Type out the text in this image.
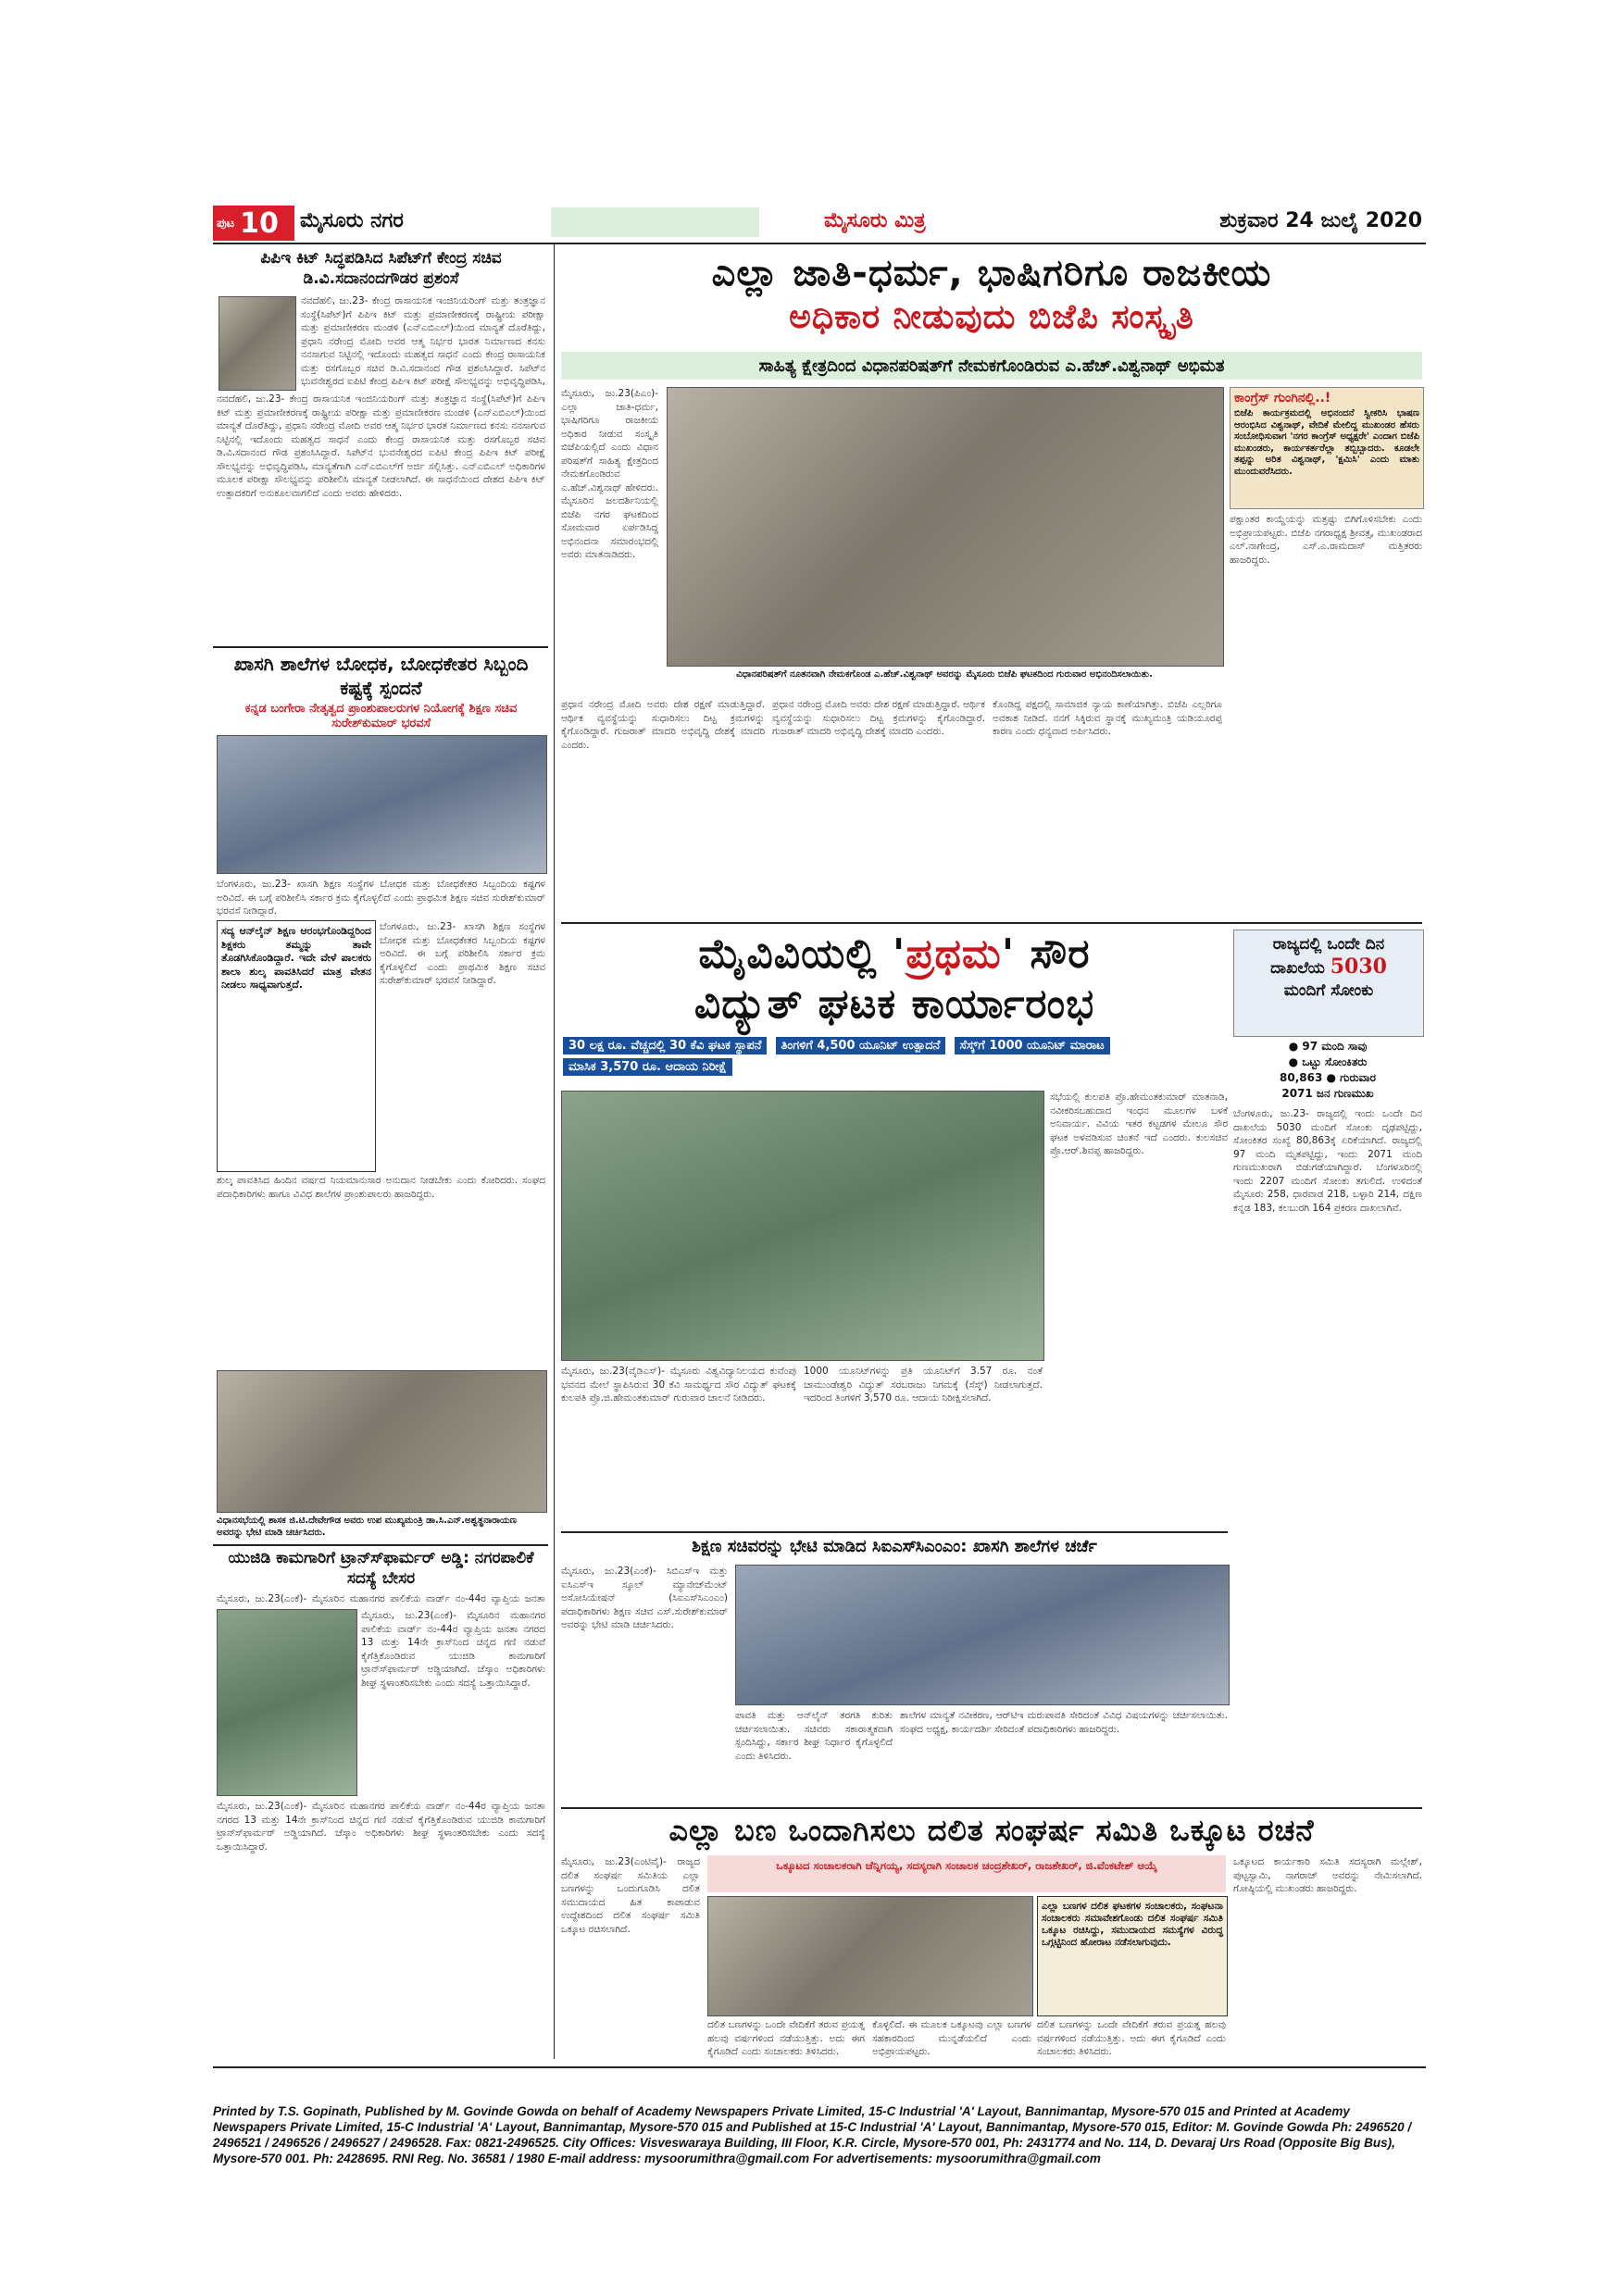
ಪುಟ 10 ಮೈಸೂರು ನಗರ	ಮೈಸೂರು ಮಿತ್ರ	ಶುಕ್ರವಾರ 24 ಜುಲೈ 2020
ಪಿಪಿಇ ಕಿಟ್ ಸಿದ್ಧಪಡಿಸಿದ ಸಿಪೆಟ್‍ಗೆ ಕೇಂದ್ರ ಸಚಿವ ಡಿ.ವಿ.ಸದಾನಂದಗೌಡರ ಪ್ರಶಂಸೆ
ನವದೆಹಲಿ, ಜು.23- ಕೇಂದ್ರ ರಾಸಾಯನಿಕ ಇಂಜಿನಿಯರಿಂಗ್ ಮತ್ತು ತಂತ್ರಜ್ಞಾನ ಸಂಸ್ಥೆ(ಸಿಪೆಟ್)ಗೆ ಪಿಪಿಇ ಕಿಟ್ ಮತ್ತು ಪ್ರಮಾಣೀಕರಣಕ್ಕೆ ರಾಷ್ಟ್ರೀಯ ಪರೀಕ್ಷಾ ಮತ್ತು ಪ್ರಮಾಣೀಕರಣ ಮಂಡಳಿ (ಎನ್‍ಎಬಿಎಲ್)ಯಿಂದ ಮಾನ್ಯತೆ ದೊರೆತಿದ್ದು, ಪ್ರಧಾನಿ ನರೇಂದ್ರ ಮೋದಿ ಅವರ ಆತ್ಮ ನಿರ್ಭರ ಭಾರತ ನಿರ್ಮಾಣದ ಕನಸು ನನಸಾಗುವ ನಿಟ್ಟಿನಲ್ಲಿ ಇದೊಂದು ಮಹತ್ವದ ಸಾಧನೆ ಎಂದು ಕೇಂದ್ರ ರಾಸಾಯನಿಕ ಮತ್ತು ರಸಗೊಬ್ಬರ ಸಚಿವ ಡಿ.ವಿ.ಸದಾನಂದ ಗೌಡ ಪ್ರಶಂಸಿಸಿದ್ದಾರೆ. ಸಿಪೆಟ್‍ನ ಭುವನೇಶ್ವರದ ಐಪಿಟಿ ಕೇಂದ್ರ ಪಿಪಿಇ ಕಿಟ್ ಪರೀಕ್ಷೆ ಸೌಲಭ್ಯವನ್ನು ಅಭಿವೃದ್ಧಿಪಡಿಸಿ,
ನವದೆಹಲಿ, ಜು.23- ಕೇಂದ್ರ ರಾಸಾಯನಿಕ ಇಂಜಿನಿಯರಿಂಗ್ ಮತ್ತು ತಂತ್ರಜ್ಞಾನ ಸಂಸ್ಥೆ(ಸಿಪೆಟ್)ಗೆ ಪಿಪಿಇ ಕಿಟ್ ಮತ್ತು ಪ್ರಮಾಣೀಕರಣಕ್ಕೆ ರಾಷ್ಟ್ರೀಯ ಪರೀಕ್ಷಾ ಮತ್ತು ಪ್ರಮಾಣೀಕರಣ ಮಂಡಳಿ (ಎನ್‍ಎಬಿಎಲ್)ಯಿಂದ ಮಾನ್ಯತೆ ದೊರೆತಿದ್ದು, ಪ್ರಧಾನಿ ನರೇಂದ್ರ ಮೋದಿ ಅವರ ಆತ್ಮ ನಿರ್ಭರ ಭಾರತ ನಿರ್ಮಾಣದ ಕನಸು ನನಸಾಗುವ ನಿಟ್ಟಿನಲ್ಲಿ ಇದೊಂದು ಮಹತ್ವದ ಸಾಧನೆ ಎಂದು ಕೇಂದ್ರ ರಾಸಾಯನಿಕ ಮತ್ತು ರಸಗೊಬ್ಬರ ಸಚಿವ ಡಿ.ವಿ.ಸದಾನಂದ ಗೌಡ ಪ್ರಶಂಸಿಸಿದ್ದಾರೆ. ಸಿಪೆಟ್‍ನ ಭುವನೇಶ್ವರದ ಐಪಿಟಿ ಕೇಂದ್ರ ಪಿಪಿಇ ಕಿಟ್ ಪರೀಕ್ಷೆ ಸೌಲಭ್ಯವನ್ನು ಅಭಿವೃದ್ಧಿಪಡಿಸಿ, ಮಾನ್ಯತೆಗಾಗಿ ಎನ್‍ಎಬಿಎಲ್‍ಗೆ ಅರ್ಜಿ ಸಲ್ಲಿಸಿತ್ತು. ಎನ್‍ಎಬಿಎಲ್ ಅಧಿಕಾರಿಗಳ ಮೂಲಕ ಪರೀಕ್ಷಾ ಸೌಲಭ್ಯವನ್ನು ಪರಿಶೀಲಿಸಿ ಮಾನ್ಯತೆ ನೀಡಲಾಗಿದೆ. ಈ ಸಾಧನೆಯಿಂದ ದೇಶದ ಪಿಪಿಇ ಕಿಟ್ ಉತ್ಪಾದಕರಿಗೆ ಅನುಕೂಲವಾಗಲಿದೆ ಎಂದು ಅವರು ಹೇಳಿದರು.
ಖಾಸಗಿ ಶಾಲೆಗಳ ಬೋಧಕ, ಬೋಧಕೇತರ ಸಿಬ್ಬಂದಿ ಕಷ್ಟಕ್ಕೆ ಸ್ಪಂದನೆ
ಕನ್ನಡ ಬಂಗೇರಾ ನೇತೃತ್ವದ ಪ್ರಾಂಶುಪಾಲರುಗಳ ನಿಯೋಗಕ್ಕೆ ಶಿಕ್ಷಣ ಸಚಿವ ಸುರೇಶ್‍ಕುಮಾರ್ ಭರವಸೆ
ಬೆಂಗಳೂರು, ಜು.23- ಖಾಸಗಿ ಶಿಕ್ಷಣ ಸಂಸ್ಥೆಗಳ ಬೋಧಕ ಮತ್ತು ಬೋಧಕೇತರ ಸಿಬ್ಬಂದಿಯ ಕಷ್ಟಗಳ ಅರಿವಿದೆ. ಈ ಬಗ್ಗೆ ಪರಿಶೀಲಿಸಿ ಸರ್ಕಾರ ಕ್ರಮ ಕೈಗೊಳ್ಳಲಿದೆ ಎಂದು ಪ್ರಾಥಮಿಕ ಶಿಕ್ಷಣ ಸಚಿವ ಸುರೇಶ್‍ಕುಮಾರ್ ಭರವಸೆ ನೀಡಿದ್ದಾರೆ.
ಸದ್ಯ ಆನ್‍ಲೈನ್ ಶಿಕ್ಷಣ ಆರಂಭಗೊಂಡಿದ್ದರಿಂದ ಶಿಕ್ಷಕರು ತಮ್ಮನ್ನು ತಾವೇ ತೊಡಗಿಸಿಕೊಂಡಿದ್ದಾರೆ. ಇದೇ ವೇಳೆ ಪಾಲಕರು ಶಾಲಾ ಶುಲ್ಕ ಪಾವತಿಸಿದರೆ ಮಾತ್ರ ವೇತನ ನೀಡಲು ಸಾಧ್ಯವಾಗುತ್ತದೆ.
ಬೆಂಗಳೂರು, ಜು.23- ಖಾಸಗಿ ಶಿಕ್ಷಣ ಸಂಸ್ಥೆಗಳ ಬೋಧಕ ಮತ್ತು ಬೋಧಕೇತರ ಸಿಬ್ಬಂದಿಯ ಕಷ್ಟಗಳ ಅರಿವಿದೆ. ಈ ಬಗ್ಗೆ ಪರಿಶೀಲಿಸಿ ಸರ್ಕಾರ ಕ್ರಮ ಕೈಗೊಳ್ಳಲಿದೆ ಎಂದು ಪ್ರಾಥಮಿಕ ಶಿಕ್ಷಣ ಸಚಿವ ಸುರೇಶ್‍ಕುಮಾರ್ ಭರವಸೆ ನೀಡಿದ್ದಾರೆ.
ಶುಲ್ಕ ಪಾವತಿಸಿದ ಹಿಂದಿನ ವರ್ಷದ ನಿಯಮಾನುಸಾರ ಅನುದಾನ ನೀಡಬೇಕು ಎಂದು ಕೋರಿದರು. ಸಂಘದ ಪದಾಧಿಕಾರಿಗಳು ಹಾಗೂ ವಿವಿಧ ಶಾಲೆಗಳ ಪ್ರಾಂಶುಪಾಲರು ಹಾಜರಿದ್ದರು.
ವಿಧಾನಸಭೆಯಲ್ಲಿ ಶಾಸಕ ಜಿ.ಟಿ.ದೇವೇಗೌಡ ಅವರು ಉಪ ಮುಖ್ಯಮಂತ್ರಿ ಡಾ.ಸಿ.ಎನ್.ಅಶ್ವತ್ಥನಾರಾಯಣ ಅವರನ್ನು ಭೇಟಿ ಮಾಡಿ ಚರ್ಚಿಸಿದರು.
ಯುಜಿಡಿ ಕಾಮಗಾರಿಗೆ ಟ್ರಾನ್ಸ್‍ಫಾರ್ಮರ್ ಅಡ್ಡಿ: ನಗರಪಾಲಿಕೆ ಸದಸ್ಯೆ ಬೇಸರ
ಮೈಸೂರು, ಜು.23(ಎಂಕೆ)- ಮೈಸೂರಿನ ಮಹಾನಗರ ಪಾಲಿಕೆಯ ವಾರ್ಡ್ ನಂ-44ರ ವ್ಯಾಪ್ತಿಯ ಜನತಾ
ಮೈಸೂರು, ಜು.23(ಎಂಕೆ)- ಮೈಸೂರಿನ ಮಹಾನಗರ ಪಾಲಿಕೆಯ ವಾರ್ಡ್ ನಂ-44ರ ವ್ಯಾಪ್ತಿಯ ಜನತಾ ನಗರದ 13 ಮತ್ತು 14ನೇ ಕ್ರಾಸ್‍ನಿಂದ ಚಿನ್ನದ ಗಣಿ ನಡುವೆ ಕೈಗೆತ್ತಿಕೊಂಡಿರುವ ಯುಜಿಡಿ ಕಾಮಗಾರಿಗೆ ಟ್ರಾನ್ಸ್‍ಫಾರ್ಮರ್ ಅಡ್ಡಿಯಾಗಿದೆ. ಚೆಸ್ಕಾಂ ಅಧಿಕಾರಿಗಳು ಶೀಘ್ರ ಸ್ಥಳಾಂತರಿಸಬೇಕು ಎಂದು ಸದಸ್ಯೆ ಒತ್ತಾಯಿಸಿದ್ದಾರೆ.
ಮೈಸೂರು, ಜು.23(ಎಂಕೆ)- ಮೈಸೂರಿನ ಮಹಾನಗರ ಪಾಲಿಕೆಯ ವಾರ್ಡ್ ನಂ-44ರ ವ್ಯಾಪ್ತಿಯ ಜನತಾ ನಗರದ 13 ಮತ್ತು 14ನೇ ಕ್ರಾಸ್‍ನಿಂದ ಚಿನ್ನದ ಗಣಿ ನಡುವೆ ಕೈಗೆತ್ತಿಕೊಂಡಿರುವ ಯುಜಿಡಿ ಕಾಮಗಾರಿಗೆ ಟ್ರಾನ್ಸ್‍ಫಾರ್ಮರ್ ಅಡ್ಡಿಯಾಗಿದೆ. ಚೆಸ್ಕಾಂ ಅಧಿಕಾರಿಗಳು ಶೀಘ್ರ ಸ್ಥಳಾಂತರಿಸಬೇಕು ಎಂದು ಸದಸ್ಯೆ ಒತ್ತಾಯಿಸಿದ್ದಾರೆ.
ಎಲ್ಲಾ ಜಾತಿ-ಧರ್ಮ, ಭಾಷಿಗರಿಗೂ ರಾಜಕೀಯ
ಅಧಿಕಾರ ನೀಡುವುದು ಬಿಜೆಪಿ ಸಂಸ್ಕೃತಿ
ಸಾಹಿತ್ಯ ಕ್ಷೇತ್ರದಿಂದ ವಿಧಾನಪರಿಷತ್‍ಗೆ ನೇಮಕಗೊಂಡಿರುವ ಎ.ಹೆಚ್.ವಿಶ್ವನಾಥ್ ಅಭಿಮತ
ಮೈಸೂರು, ಜು.23(ಪಿಎಂ)- ಎಲ್ಲಾ ಜಾತಿ-ಧರ್ಮ, ಭಾಷಿಗರಿಗೂ ರಾಜಕೀಯ ಅಧಿಕಾರ ನೀಡುವ ಸಂಸ್ಕೃತಿ ಬಿಜೆಪಿಯಲ್ಲಿದೆ ಎಂದು ವಿಧಾನ ಪರಿಷತ್‍ಗೆ ಸಾಹಿತ್ಯ ಕ್ಷೇತ್ರದಿಂದ ನೇಮಕಗೊಂಡಿರುವ ಎ.ಹೆಚ್.ವಿಶ್ವನಾಥ್ ಹೇಳಿದರು. ಮೈಸೂರಿನ ಜಲದರ್ಶಿನಿಯಲ್ಲಿ ಬಿಜೆಪಿ ನಗರ ಘಟಕದಿಂದ ಸೋಮವಾರ ಏರ್ಪಡಿಸಿದ್ದ ಅಭಿನಂದನಾ ಸಮಾರಂಭದಲ್ಲಿ ಅವರು ಮಾತನಾಡಿದರು.
ವಿಧಾನಪರಿಷತ್‍ಗೆ ನೂತನವಾಗಿ ನೇಮಕಗೊಂಡ ಎ.ಹೆಚ್.ವಿಶ್ವನಾಥ್ ಅವರನ್ನು ಮೈಸೂರು ಬಿಜೆಪಿ ಘಟಕದಿಂದ ಗುರುವಾರ ಅಭಿನಂದಿಸಲಾಯಿತು.
ಪ್ರಧಾನ ನರೇಂದ್ರ ಮೋದಿ ಅವರು ದೇಶ ರಕ್ಷಣೆ ಮಾಡುತ್ತಿದ್ದಾರೆ. ಆರ್ಥಿಕ ವ್ಯವಸ್ಥೆಯನ್ನು ಸುಧಾರಿಸಲು ದಿಟ್ಟ ಕ್ರಮಗಳನ್ನು ಕೈಗೊಂಡಿದ್ದಾರೆ. ಗುಜರಾತ್ ಮಾದರಿ ಅಭಿವೃದ್ಧಿ ದೇಶಕ್ಕೆ ಮಾದರಿ ಎಂದರು.
ಪ್ರಧಾನ ನರೇಂದ್ರ ಮೋದಿ ಅವರು ದೇಶ ರಕ್ಷಣೆ ಮಾಡುತ್ತಿದ್ದಾರೆ. ಆರ್ಥಿಕ ವ್ಯವಸ್ಥೆಯನ್ನು ಸುಧಾರಿಸಲು ದಿಟ್ಟ ಕ್ರಮಗಳನ್ನು ಕೈಗೊಂಡಿದ್ದಾರೆ. ಗುಜರಾತ್ ಮಾದರಿ ಅಭಿವೃದ್ಧಿ ದೇಶಕ್ಕೆ ಮಾದರಿ ಎಂದರು.
ಕೊಂಡಿದ್ದ ಪಕ್ಷದಲ್ಲಿ ಸಾಮಾಜಿಕ ನ್ಯಾಯ ಕಾಣೆಯಾಗಿತ್ತು. ಬಿಜೆಪಿ ಎಲ್ಲರಿಗೂ ಅವಕಾಶ ನೀಡಿದೆ. ನನಗೆ ಸಿಕ್ಕಿರುವ ಸ್ಥಾನಕ್ಕೆ ಮುಖ್ಯಮಂತ್ರಿ ಯಡಿಯೂರಪ್ಪ ಕಾರಣ ಎಂದು ಧನ್ಯವಾದ ಅರ್ಪಿಸಿದರು.
ಕಾಂಗ್ರೆಸ್ ಗುಂಗಿನಲ್ಲಿ..!
ಬಿಜೆಪಿ ಕಾರ್ಯಕ್ರಮದಲ್ಲಿ ಅಭಿನಂದನೆ ಸ್ವೀಕರಿಸಿ ಭಾಷಣ ಆರಂಭಿಸಿದ ವಿಶ್ವನಾಥ್, ವೇದಿಕೆ ಮೇಲಿದ್ದ ಮುಖಂಡರ ಹೆಸರು ಸಂಬೋಧಿಸುವಾಗ 'ನಗರ ಕಾಂಗ್ರೆಸ್ ಅಧ್ಯಕ್ಷರೇ' ಎಂದಾಗ ಬಿಜೆಪಿ ಮುಖಂಡರು, ಕಾರ್ಯಕರ್ತರೆಲ್ಲಾ ತಬ್ಬಿಬ್ಬಾದರು. ಕೂಡಲೇ ತಪ್ಪನ್ನು ಅರಿತ ವಿಶ್ವನಾಥ್, 'ಕ್ಷಮಿಸಿ' ಎಂದು ಮಾತು ಮುಂದುವರೆಸಿದರು.
ಪಕ್ಷಾಂತರ ಕಾಯ್ದೆಯನ್ನು ಮತ್ತಷ್ಟು ಬಿಗಿಗೊಳಿಸಬೇಕು ಎಂದು ಅಭಿಪ್ರಾಯಪಟ್ಟರು. ಬಿಜೆಪಿ ನಗರಾಧ್ಯಕ್ಷ ಶ್ರೀವತ್ಸ, ಮುಖಂಡರಾದ ಎಲ್.ನಾಗೇಂದ್ರ, ಎಸ್.ಎ.ರಾಮದಾಸ್ ಮತ್ತಿತರರು ಹಾಜರಿದ್ದರು.
ಮೈವಿವಿಯಲ್ಲಿ 'ಪ್ರಥಮ' ಸೌರ
ವಿದ್ಯುತ್ ಘಟಕ ಕಾರ್ಯಾರಂಭ
30 ಲಕ್ಷ ರೂ. ವೆಚ್ಚದಲ್ಲಿ 30 ಕೆವಿ ಘಟಕ ಸ್ಥಾಪನೆ ತಿಂಗಳಿಗೆ 4,500 ಯೂನಿಟ್ ಉತ್ಪಾದನೆ ಸೆಸ್ಕ್‌ಗೆ 1000 ಯೂನಿಟ್ ಮಾರಾಟ ಮಾಸಿಕ 3,570 ರೂ. ಆದಾಯ ನಿರೀಕ್ಷೆ
ಸಭೆಯಲ್ಲಿ ಕುಲಪತಿ ಪ್ರೊ.ಹೇಮಂತಕುಮಾರ್ ಮಾತನಾಡಿ, ನವೀಕರಿಸಬಹುದಾದ ಇಂಧನ ಮೂಲಗಳ ಬಳಕೆ ಅನಿವಾರ್ಯ. ವಿವಿಯ ಇತರ ಕಟ್ಟಡಗಳ ಮೇಲೂ ಸೌರ ಘಟಕ ಅಳವಡಿಸುವ ಚಿಂತನೆ ಇದೆ ಎಂದರು. ಕುಲಸಚಿವ ಪ್ರೊ.ಆರ್.ಶಿವಪ್ಪ ಹಾಜರಿದ್ದರು.
ಮೈಸೂರು, ಜು.23(ವೈಡಿಎಸ್)- ಮೈಸೂರು ವಿಶ್ವವಿದ್ಯಾನಿಲಯದ ಕುವೆಂಪು ಭವನದ ಮೇಲೆ ಸ್ಥಾಪಿಸಿರುವ 30 ಕೆವಿ ಸಾಮರ್ಥ್ಯದ ಸೌರ ವಿದ್ಯುತ್ ಘಟಕಕ್ಕೆ ಕುಲಪತಿ ಪ್ರೊ.ಜಿ.ಹೇಮಂತಕುಮಾರ್ ಗುರುವಾರ ಚಾಲನೆ ನೀಡಿದರು.
1000 ಯೂನಿಟ್‍ಗಳನ್ನು ಪ್ರತಿ ಯೂನಿಟ್‍ಗೆ 3.57 ರೂ. ನಂತೆ ಚಾಮುಂಡೇಶ್ವರಿ ವಿದ್ಯುತ್ ಸರಬರಾಜು ನಿಗಮಕ್ಕೆ (ಸೆಸ್ಕ್) ನೀಡಲಾಗುತ್ತದೆ. ಇದರಿಂದ ತಿಂಗಳಿಗೆ 3,570 ರೂ. ಆದಾಯ ನಿರೀಕ್ಷಿಸಲಾಗಿದೆ.
ರಾಜ್ಯದಲ್ಲಿ ಒಂದೇ ದಿನ
ದಾಖಲೆಯ 5030
ಮಂದಿಗೆ ಸೋಂಕು
● 97 ಮಂದಿ ಸಾವು
● ಒಟ್ಟು ಸೋಂಕಿತರು
80,863 ● ಗುರುವಾರ
2071 ಜನ ಗುಣಮುಖ
ಬೆಂಗಳೂರು, ಜು.23- ರಾಜ್ಯದಲ್ಲಿ ಇಂದು ಒಂದೇ ದಿನ ದಾಖಲೆಯ 5030 ಮಂದಿಗೆ ಸೋಂಕು ದೃಢಪಟ್ಟಿದ್ದು, ಸೋಂಕಿತರ ಸಂಖ್ಯೆ 80,863ಕ್ಕೆ ಏರಿಕೆಯಾಗಿದೆ. ರಾಜ್ಯದಲ್ಲಿ 97 ಮಂದಿ ಮೃತಪಟ್ಟಿದ್ದು, ಇಂದು 2071 ಮಂದಿ ಗುಣಮುಖರಾಗಿ ಬಿಡುಗಡೆಯಾಗಿದ್ದಾರೆ. ಬೆಂಗಳೂರಿನಲ್ಲಿ ಇಂದು 2207 ಮಂದಿಗೆ ಸೋಂಕು ತಗುಲಿದೆ. ಉಳಿದಂತೆ ಮೈಸೂರು 258, ಧಾರವಾಡ 218, ಬಳ್ಳಾರಿ 214, ದಕ್ಷಿಣ ಕನ್ನಡ 183, ಕಲಬುರಗಿ 164 ಪ್ರಕರಣ ದಾಖಲಾಗಿವೆ.
ಶಿಕ್ಷಣ ಸಚಿವರನ್ನು ಭೇಟಿ ಮಾಡಿದ ಸಿಐಎಸ್‍ಸಿಎಂಎಂ: ಖಾಸಗಿ ಶಾಲೆಗಳ ಚರ್ಚೆ
ಮೈಸೂರು, ಜು.23(ಎಂಕೆ)- ಸಿಬಿಎಸ್‍ಇ ಮತ್ತು ಐಸಿಎಸ್‍ಇ ಸ್ಕೂಲ್ ಮ್ಯಾನೇಜ್‍ಮೆಂಟ್ ಅಸೋಸಿಯೇಷನ್ (ಸಿಐಎಸ್‍ಸಿಎಂಎಂ) ಪದಾಧಿಕಾರಿಗಳು ಶಿಕ್ಷಣ ಸಚಿವ ಎಸ್.ಸುರೇಶ್‍ಕುಮಾರ್ ಅವರನ್ನು ಭೇಟಿ ಮಾಡಿ ಚರ್ಚಿಸಿದರು.
ಪಾವತಿ ಮತ್ತು ಆನ್‍ಲೈನ್ ತರಗತಿ ಕುರಿತು ಚರ್ಚಿಸಲಾಯಿತು. ಸಚಿವರು ಸಕಾರಾತ್ಮಕವಾಗಿ ಸ್ಪಂದಿಸಿದ್ದು, ಸರ್ಕಾರ ಶೀಘ್ರ ನಿರ್ಧಾರ ಕೈಗೊಳ್ಳಲಿದೆ ಎಂದು ತಿಳಿಸಿದರು.
ಶಾಲೆಗಳ ಮಾನ್ಯತೆ ನವೀಕರಣ, ಆರ್‌ಟಿಇ ಮರುಪಾವತಿ ಸೇರಿದಂತೆ ವಿವಿಧ ವಿಷಯಗಳನ್ನು ಚರ್ಚಿಸಲಾಯಿತು. ಸಂಘದ ಅಧ್ಯಕ್ಷ, ಕಾರ್ಯದರ್ಶಿ ಸೇರಿದಂತೆ ಪದಾಧಿಕಾರಿಗಳು ಹಾಜರಿದ್ದರು.
ಎಲ್ಲಾ ಬಣ ಒಂದಾಗಿಸಲು ದಲಿತ ಸಂಘರ್ಷ ಸಮಿತಿ ಒಕ್ಕೂಟ ರಚನೆ
ಮೈಸೂರು, ಜು.23(ಎಂಟಿವೈ)- ರಾಜ್ಯದ ದಲಿತ ಸಂಘರ್ಷ ಸಮಿತಿಯ ಎಲ್ಲಾ ಬಣಗಳನ್ನು ಒಂದುಗೂಡಿಸಿ ದಲಿತ ಸಮುದಾಯದ ಹಿತ ಕಾಪಾಡುವ ಉದ್ದೇಶದಿಂದ ದಲಿತ ಸಂಘರ್ಷ ಸಮಿತಿ ಒಕ್ಕೂಟ ರಚಿಸಲಾಗಿದೆ.
ಒಕ್ಕೂಟದ ಸಂಚಾಲಕರಾಗಿ ಚೆನ್ನಿಗಯ್ಯ, ಸದಸ್ಯರಾಗಿ ಸಂಚಾಲಕ ಚಂದ್ರಶೇಖರ್, ರಾಜಶೇಖರ್, ಜಿ.ವೆಂಕಟೇಶ್ ಆಯ್ಕೆ
ಎಲ್ಲಾ ಬಣಗಳ ದಲಿತ ಘಟಕಗಳ ಸಂಚಾಲಕರು, ಸಂಘಟನಾ ಸಂಚಾಲಕರು ಸಮಾವೇಶಗೊಂಡು ದಲಿತ ಸಂಘರ್ಷ ಸಮಿತಿ ಒಕ್ಕೂಟ ರಚಿಸಿದ್ದು, ಸಮುದಾಯದ ಸಮಸ್ಯೆಗಳ ವಿರುದ್ಧ ಒಗ್ಗಟ್ಟಿನಿಂದ ಹೋರಾಟ ನಡೆಸಲಾಗುವುದು.
ದಲಿತ ಬಣಗಳನ್ನು ಒಂದೇ ವೇದಿಕೆಗೆ ತರುವ ಪ್ರಯತ್ನ ಹಲವು ವರ್ಷಗಳಿಂದ ನಡೆಯುತ್ತಿತ್ತು. ಅದು ಈಗ ಕೈಗೂಡಿದೆ ಎಂದು ಸಂಚಾಲಕರು ತಿಳಿಸಿದರು.
ಕೊಳ್ಳಲಿದೆ. ಈ ಮೂಲಕ ಒಕ್ಕೂಟವು ಎಲ್ಲಾ ಬಣಗಳ ಸಹಕಾರದಿಂದ ಮುನ್ನಡೆಯಲಿದೆ ಎಂದು ಅಭಿಪ್ರಾಯಪಟ್ಟರು.
ದಲಿತ ಬಣಗಳನ್ನು ಒಂದೇ ವೇದಿಕೆಗೆ ತರುವ ಪ್ರಯತ್ನ ಹಲವು ವರ್ಷಗಳಿಂದ ನಡೆಯುತ್ತಿತ್ತು. ಅದು ಈಗ ಕೈಗೂಡಿದೆ ಎಂದು ಸಂಚಾಲಕರು ತಿಳಿಸಿದರು.
ಒಕ್ಕೂಟದ ಕಾರ್ಯಕಾರಿ ಸಮಿತಿ ಸದಸ್ಯರಾಗಿ ಮಲ್ಲೇಶ್, ಪುಟ್ಟಸ್ವಾಮಿ, ನಾಗರಾಜ್ ಅವರನ್ನು ನೇಮಿಸಲಾಗಿದೆ. ಗೋಷ್ಠಿಯಲ್ಲಿ ಮುಖಂಡರು ಹಾಜರಿದ್ದರು.
Printed by T.S. Gopinath, Published by M. Govinde Gowda on behalf of Academy Newspapers Private Limited, 15-C Industrial 'A' Layout, Bannimantap, Mysore-570 015 and Printed at Academy Newspapers Private Limited, 15-C Industrial 'A' Layout, Bannimantap, Mysore-570 015 and Published at 15-C Industrial 'A' Layout, Bannimantap, Mysore-570 015, Editor: M. Govinde Gowda Ph: 2496520 / 2496521 / 2496526 / 2496527 / 2496528. Fax: 0821-2496525. City Offices: Visveswaraya Building, III Floor, K.R. Circle, Mysore-570 001, Ph: 2431774 and No. 114, D. Devaraj Urs Road (Opposite Big Bus), Mysore-570 001. Ph: 2428695. RNI Reg. No. 36581 / 1980 E-mail address: mysoorumithra@gmail.com For advertisements: mysoorumithra@gmail.com
